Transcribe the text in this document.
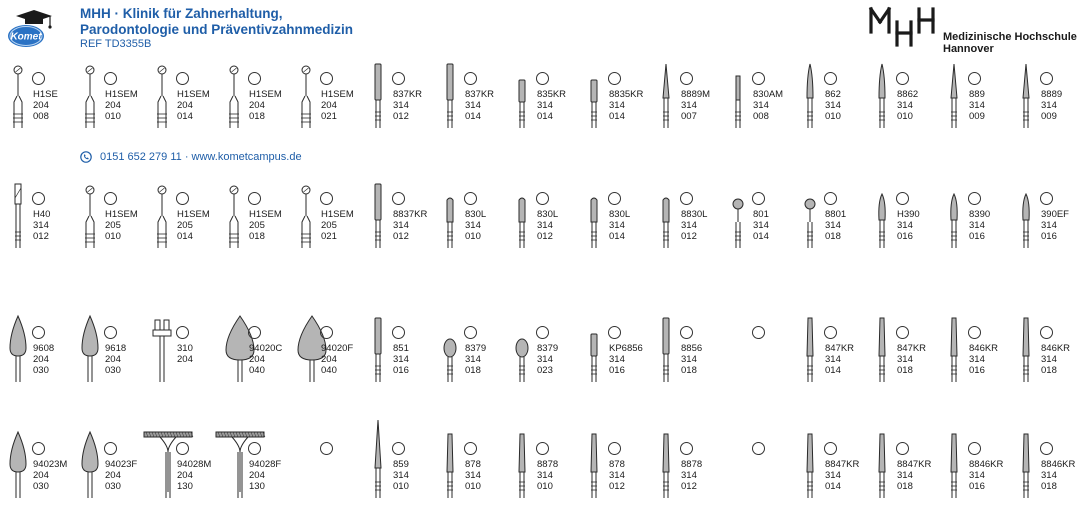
Komet
MHH · Klinik für Zahnerhaltung,
Parodontologie und Präventivzahnmedizin
REF TD3355B
Medizinische Hochschule
Hannover
0151 652 279 11 · www.kometcampus.de
H1SE
204
008
H1SEM
204
010
H1SEM
204
014
H1SEM
204
018
H1SEM
204
021
837KR
314
012
837KR
314
014
835KR
314
014
8835KR
314
014
8889M
314
007
830AM
314
008
862
314
010
8862
314
010
889
314
009
8889
314
009
H40
314
012
H1SEM
205
010
H1SEM
205
014
H1SEM
205
018
H1SEM
205
021
8837KR
314
012
830L
314
010
830L
314
012
830L
314
014
8830L
314
012
801
314
014
8801
314
018
H390
314
016
8390
314
016
390EF
314
016
9608
204
030
9618
204
030
310
204

94020C
204
040
94020F
204
040
851
314
016
8379
314
018
8379
314
023
KP6856
314
016
8856
314
018
847KR
314
014
847KR
314
018
846KR
314
016
846KR
314
018
94023M
204
030
94023F
204
030
94028M
204
130
94028F
204
130
859
314
010
878
314
010
8878
314
010
878
314
012
8878
314
012
8847KR
314
014
8847KR
314
018
8846KR
314
016
8846KR
314
018
